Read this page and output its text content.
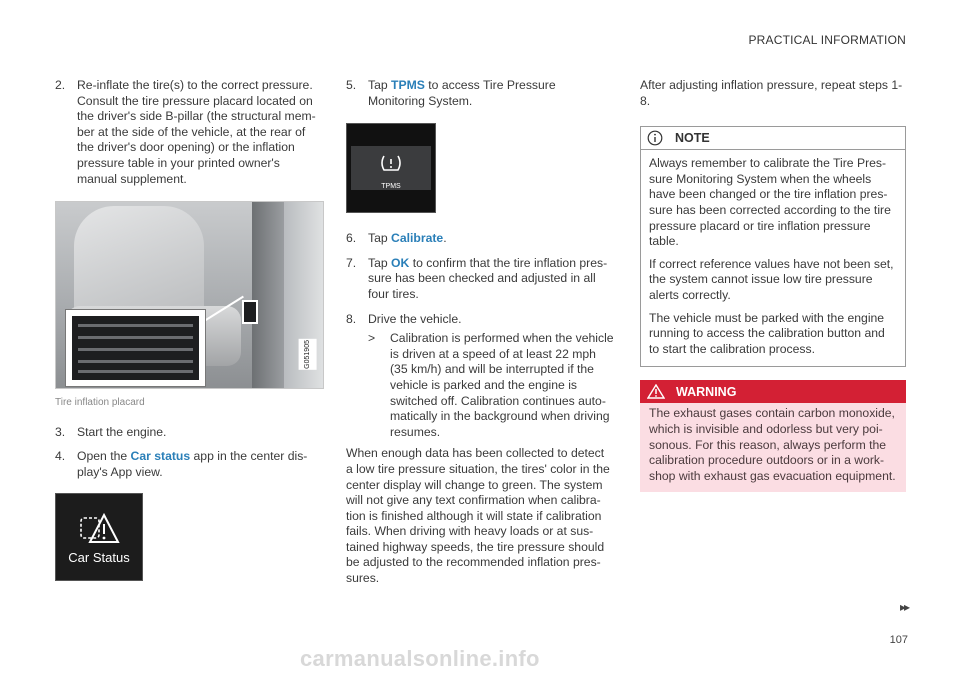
PRACTICAL INFORMATION
2. Re-inflate the tire(s) to the correct pressure. Consult the tire pressure placard located on the driver's side B-pillar (the structural mem-ber at the side of the vehicle, at the rear of the driver's door opening) or the inflation pressure table in your printed owner's manual supplement.
G051905
Tire inflation placard
3. Start the engine.
4. Open the Car status app in the center dis-play's App view.
Car Status
5. Tap TPMS to access Tire Pressure Monitoring System.
TPMS
6. Tap Calibrate.
7. Tap OK to confirm that the tire inflation pres-sure has been checked and adjusted in all four tires.
8. Drive the vehicle.
> Calibration is performed when the vehicle is driven at a speed of at least 22 mph (35 km/h) and will be interrupted if the vehicle is parked and the engine is switched off. Calibration continues auto-matically in the background when driving resumes.

When enough data has been collected to detect a low tire pressure situation, the tires' color in the center display will change to green. The system will not give any text confirmation when calibra-tion is finished although it will state if calibration fails. When driving with heavy loads or at sus-tained highway speeds, the tire pressure should be adjusted to the recommended inflation pres-sures.

After adjusting inflation pressure, repeat steps 1-8.

NOTE

Always remember to calibrate the Tire Pres-sure Monitoring System when the wheels have been changed or the tire inflation pres-sure has been corrected according to the tire pressure placard or tire inflation pressure table.

If correct reference values have not been set, the system cannot issue low tire pressure alerts correctly.

The vehicle must be parked with the engine running to access the calibration button and to start the calibration process.

WARNING
The exhaust gases contain carbon monoxide, which is invisible and odorless but very poi-sonous. For this reason, always perform the calibration procedure outdoors or in a work-shop with exhaust gas evacuation equipment.
▸▸
107
carmanualsonline.info
